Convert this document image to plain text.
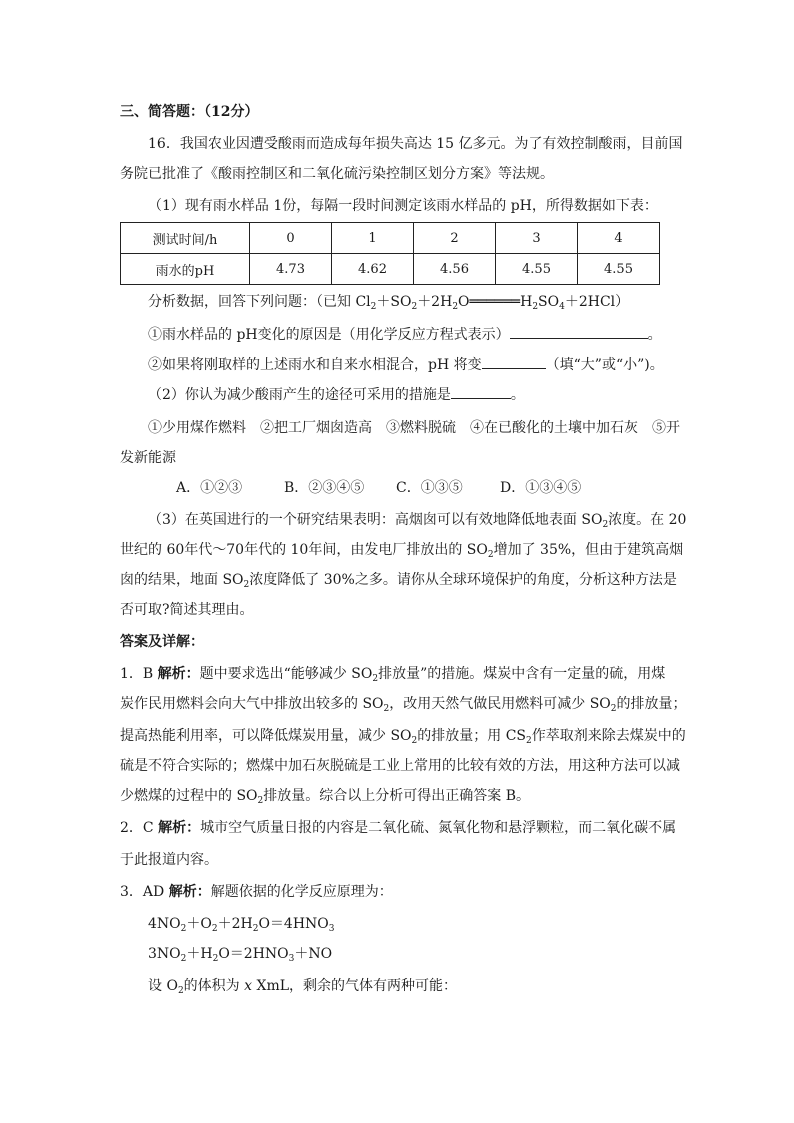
三、简答题：（12分）
16．我国农业因遭受酸雨而造成每年损失高达 15 亿多元。为了有效控制酸雨，目前国
务院已批准了《酸雨控制区和二氧化硫污染控制区划分方案》等法规。
（1）现有雨水样品 1份，每隔一段时间测定该雨水样品的 pH，所得数据如下表：
测试时间/h	0	1	2	3	4
雨水的pH	4.73	4.62	4.56	4.55	4.55
分析数据，回答下列问题：（已知 $Cl_2+SO_2+2H_2O══════H_2SO_4+2HCl$）
①雨水样品的 pH变化的原因是（用化学反应方程式表示）	。
②如果将刚取样的上述雨水和自来水相混合，pH 将变	（填“大”或“小”)。
（2）你认为减少酸雨产生的途径可采用的措施是	。
①少用煤作燃料　②把工厂烟囱造高　③燃料脱硫　④在已酸化的土壤中加石灰　⑤开
发新能源
A．①②③	B．②③④⑤ C．①③⑤	D．①③④⑤
（3）在英国进行的一个研究结果表明：高烟囱可以有效地降低地表面 $SO_2$浓度。在 20
世纪的 60年代～70年代的 10年间，由发电厂排放出的 $SO_2$增加了 35%，但由于建筑高烟
囱的结果，地面 $SO_2$浓度降低了 30%之多。请你从全球环境保护的角度，分析这种方法是
否可取?简述其理由。
答案及详解：
1．B 解析：题中要求选出“能够减少 $SO_2$排放量”的措施。煤炭中含有一定量的硫，用煤
炭作民用燃料会向大气中排放出较多的 $SO_2$，改用天然气做民用燃料可减少 $SO_2$的排放量；
提高热能利用率，可以降低煤炭用量，减少 $SO_2$的排放量；用 $CS_2$作萃取剂来除去煤炭中的
硫是不符合实际的；燃煤中加石灰脱硫是工业上常用的比较有效的方法，用这种方法可以减
少燃煤的过程中的 $SO_2$排放量。综合以上分析可得出正确答案 B。
2．C 解析：城市空气质量日报的内容是二氧化硫、氮氧化物和悬浮颗粒，而二氧化碳不属
于此报道内容。
3．AD 解析：解题依据的化学反应原理为：
$4NO_2+O_2+2H_2O=4HNO_3$
$3NO_2+H_2O=2HNO_3+NO$
设 $O_2$的体积为 x XmL，剩余的气体有两种可能：
